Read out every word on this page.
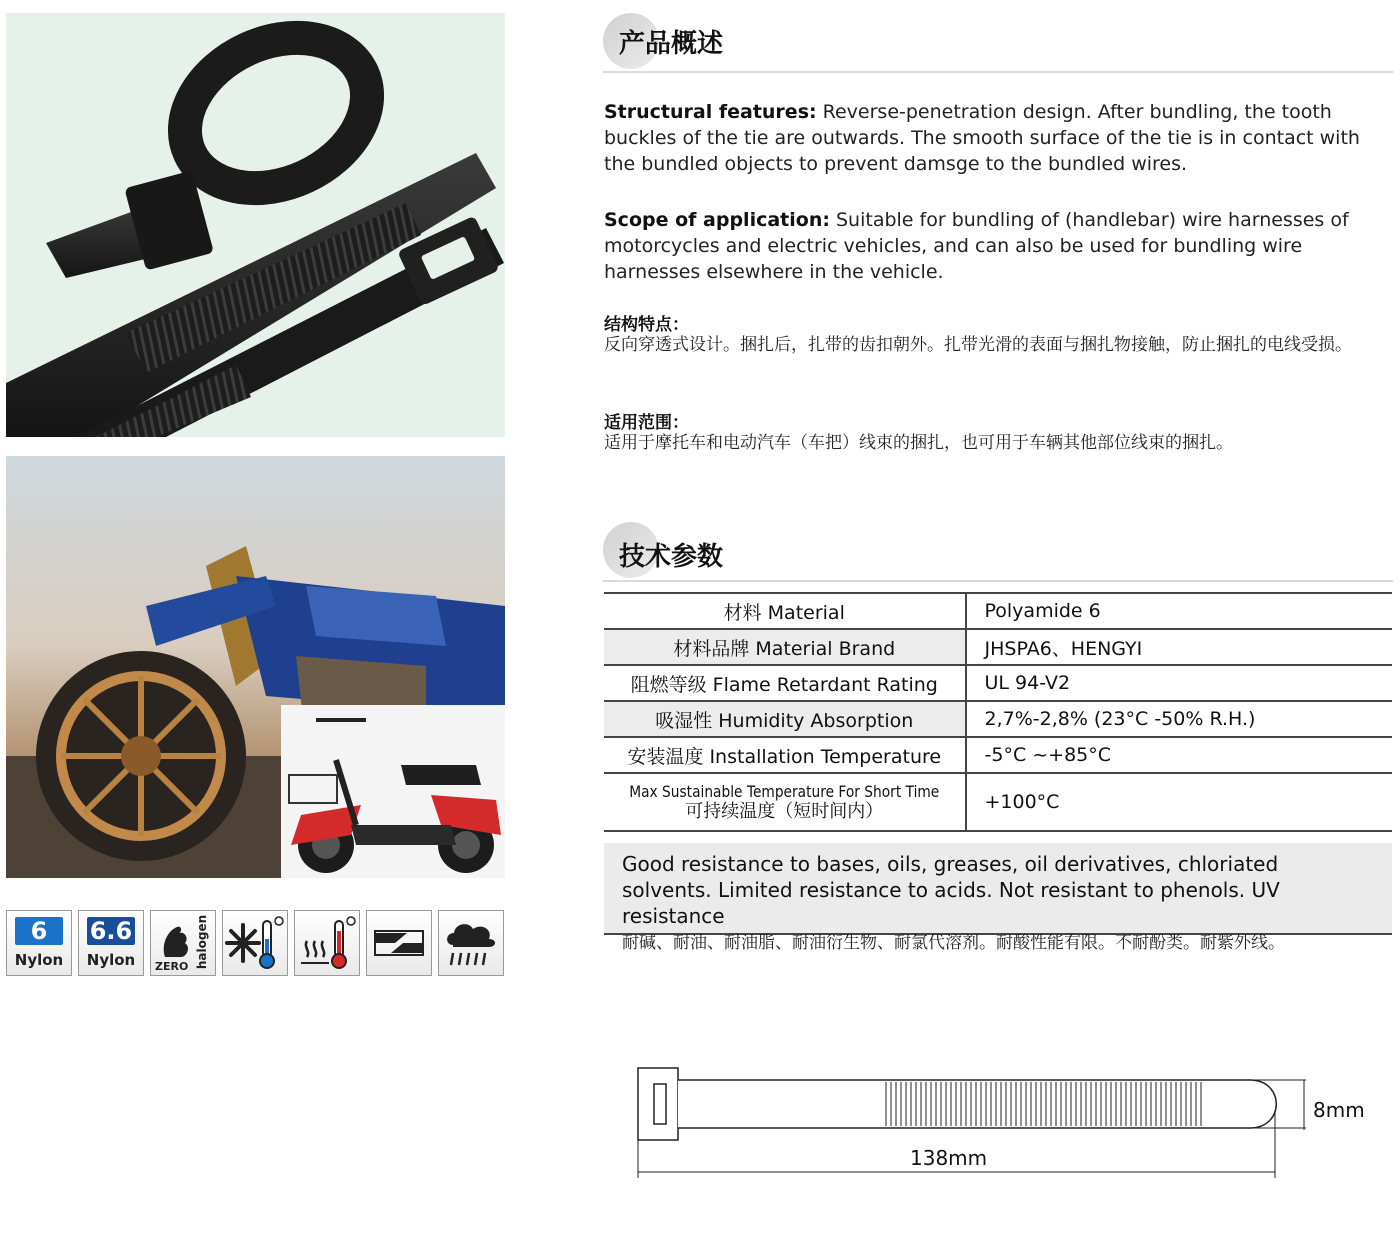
6
Nylon
6.6
Nylon	ZERO halogen
产品概述
Structural features: Reverse-penetration design. After bundling, the tooth buckles of the tie are outwards. The smooth surface of the tie is in contact with the bundled objects to prevent damsge to the bundled wires.
Scope of application: Suitable for bundling of (handlebar) wire harnesses of motorcycles and electric vehicles, and can also be used for bundling wire harnesses elsewhere in the vehicle.
结构特点：
反向穿透式设计。捆扎后，扎带的齿扣朝外。扎带光滑的表面与捆扎物接触，防止捆扎的电线受损。
适用范围：
适用于摩托车和电动汽车（车把）线束的捆扎，也可用于车辆其他部位线束的捆扎。
技术参数
材料 Material	Polyamide 6
材料品牌 Material Brand	JHSPA6、HENGYI
阻燃等级 Flame Retardant Rating	UL 94-V2
吸湿性 Humidity Absorption	2,7%-2,8% (23°C -50% R.H.)
安装温度 Installation Temperature	-5°C ~+85°C

Max Sustainable Temperature For Short Time
可持续温度（短时间内）	+100°C
Good resistance to bases, oils, greases, oil derivatives, chloriated solvents. Limited resistance to acids. Not resistant to phenols. UV resistance
耐碱、耐油、耐油脂、耐油衍生物、耐氯代溶剂。耐酸性能有限。不耐酚类。耐紫外线。
8mm
138mm
